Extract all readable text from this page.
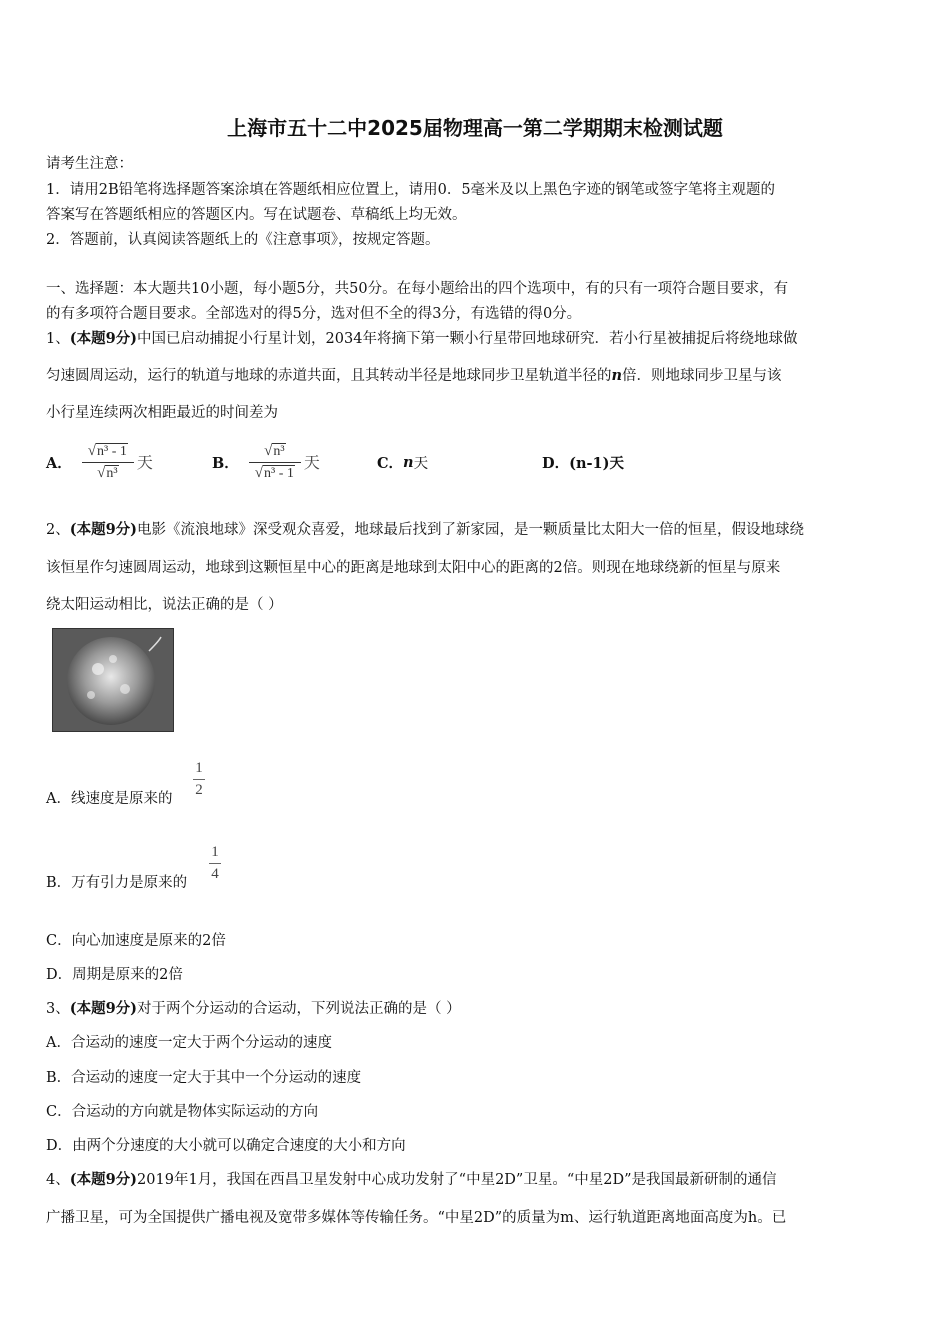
上海市五十二中2025届物理高一第二学期期末检测试题
请考生注意：
1．请用2B铅笔将选择题答案涂填在答题纸相应位置上，请用0．5毫米及以上黑色字迹的钢笔或签字笔将主观题的
答案写在答题纸相应的答题区内。写在试题卷、草稿纸上均无效。
2．答题前，认真阅读答题纸上的《注意事项》，按规定答题。
一、选择题：本大题共10小题，每小题5分，共50分。在每小题给出的四个选项中，有的只有一项符合题目要求，有
的有多项符合题目要求。全部选对的得5分，选对但不全的得3分，有选错的得0分。
1、(本题9分)中国已启动捕捉小行星计划，2034年将摘下第一颗小行星带回地球研究．若小行星被捕捉后将绕地球做
匀速圆周运动，运行的轨道与地球的赤道共面，且其转动半径是地球同步卫星轨道半径的n倍．则地球同步卫星与该
小行星连续两次相距最近的时间差为
A． $\frac{\text{√n³ - 1}}{\text{√n³}}$ 天	B． $\frac{\text{√n³}}{\text{√n³ - 1}}$ 天	C． n 天	D． (n-1)天
2、(本题9分)电影《流浪地球》深受观众喜爱，地球最后找到了新家园，是一颗质量比太阳大一倍的恒星，假设地球绕
该恒星作匀速圆周运动，地球到这颗恒星中心的距离是地球到太阳中心的距离的2倍。则现在地球绕新的恒星与原来
绕太阳运动相比，说法正确的是（ ）
A．线速度是原来的
1
2
B．万有引力是原来的
1
4
C．向心加速度是原来的2倍
D．周期是原来的2倍
3、(本题9分)对于两个分运动的合运动，下列说法正确的是（ ）
A．合运动的速度一定大于两个分运动的速度
B．合运动的速度一定大于其中一个分运动的速度
C．合运动的方向就是物体实际运动的方向
D．由两个分速度的大小就可以确定合速度的大小和方向
4、(本题9分)2019年1月，我国在西昌卫星发射中心成功发射了“中星2D”卫星。“中星2D”是我国最新研制的通信
广播卫星，可为全国提供广播电视及宽带多媒体等传输任务。“中星2D”的质量为m、运行轨道距离地面高度为h。已
